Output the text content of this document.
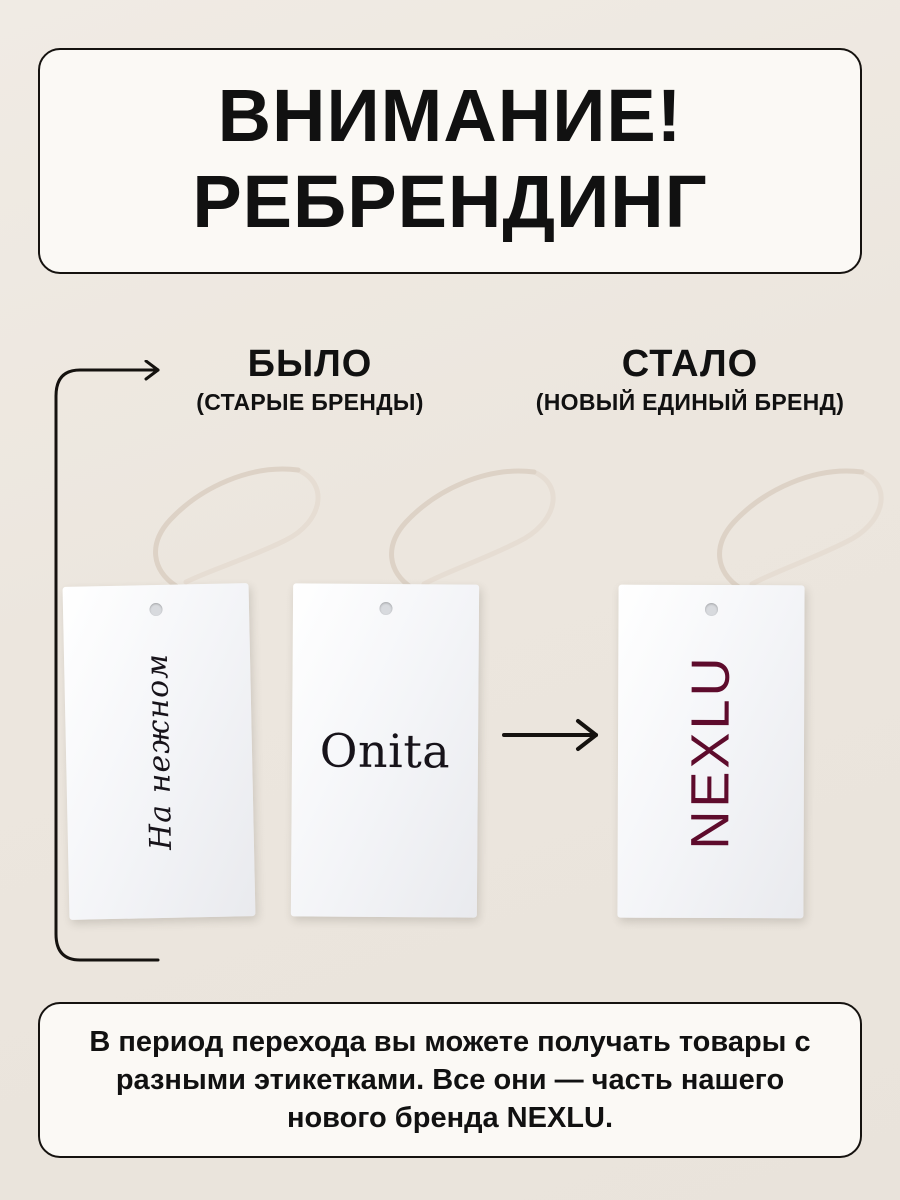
ВНИМАНИЕ!
РЕБРЕНДИНГ
БЫЛО
(СТАРЫЕ БРЕНДЫ)
СТАЛО
(НОВЫЙ ЕДИНЫЙ БРЕНД)
На нежном	Onita	NEXLU

В период перехода вы можете получать товары с разными этикетками. Все они — часть нашего нового бренда NEXLU.
